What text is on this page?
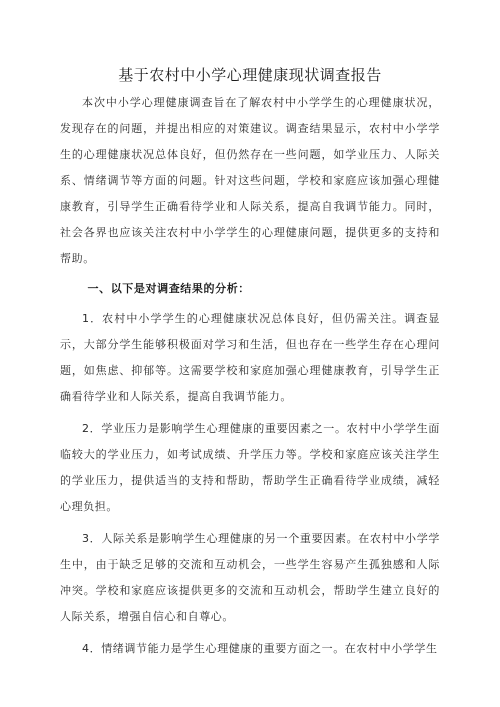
基于农村中小学心理健康现状调查报告

本次中小学心理健康调查旨在了解农村中小学学生的心理健康状况，发现存在的问题，并提出相应的对策建议。调查结果显示，农村中小学学生的心理健康状况总体良好，但仍然存在一些问题，如学业压力、人际关系、情绪调节等方面的问题。针对这些问题，学校和家庭应该加强心理健康教育，引导学生正确看待学业和人际关系，提高自我调节能力。同时，社会各界也应该关注农村中小学学生的心理健康问题，提供更多的支持和帮助。

一、以下是对调查结果的分析：

1．农村中小学学生的心理健康状况总体良好，但仍需关注。调查显示，大部分学生能够积极面对学习和生活，但也存在一些学生存在心理问题，如焦虑、抑郁等。这需要学校和家庭加强心理健康教育，引导学生正确看待学业和人际关系，提高自我调节能力。

2．学业压力是影响学生心理健康的重要因素之一。农村中小学学生面临较大的学业压力，如考试成绩、升学压力等。学校和家庭应该关注学生的学业压力，提供适当的支持和帮助，帮助学生正确看待学业成绩，减轻心理负担。

3．人际关系是影响学生心理健康的另一个重要因素。在农村中小学学生中，由于缺乏足够的交流和互动机会，一些学生容易产生孤独感和人际冲突。学校和家庭应该提供更多的交流和互动机会，帮助学生建立良好的人际关系，增强自信心和自尊心。

4．情绪调节能力是学生心理健康的重要方面之一。在农村中小学学生
